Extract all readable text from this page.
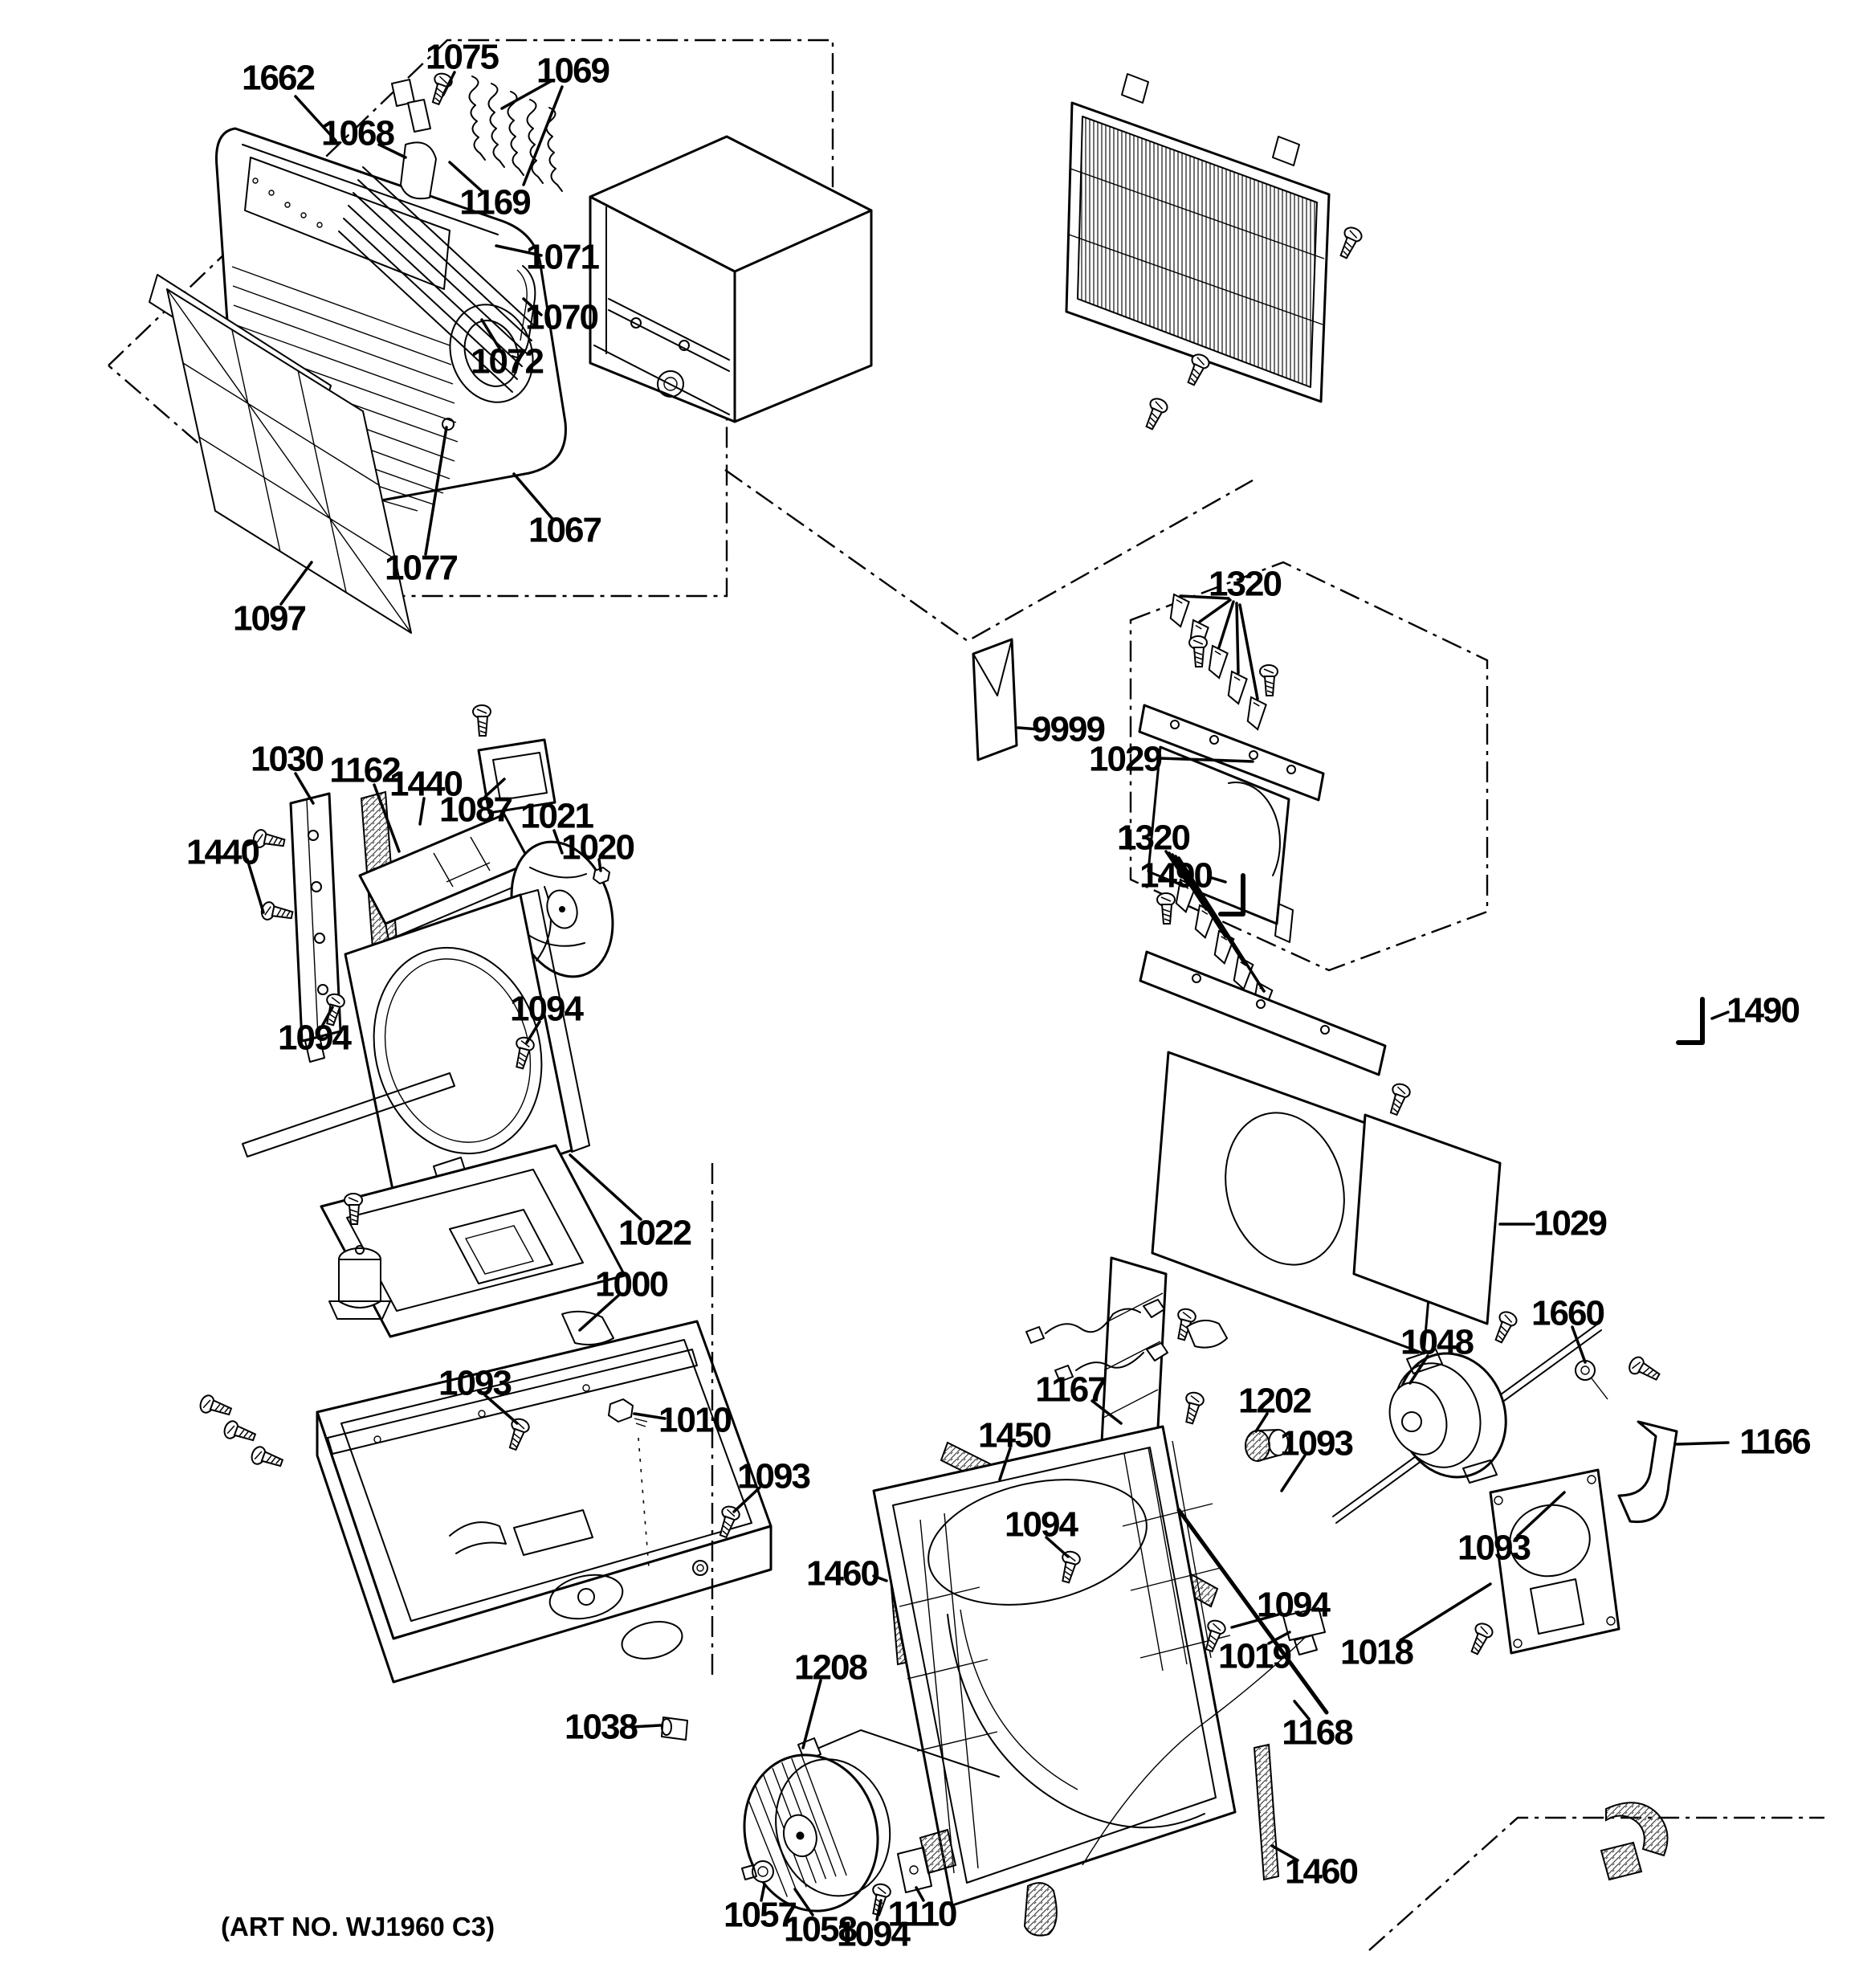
1662
1075 1069
1068
1169
1071
1070
1072
1067
1077
1097
9999
1320
1029
1320
1490
1490
1029
1030 1162
1440
1087 1021
1020
1440
1094
1094
1022
1000
1093
1010
1093
1038
1450
1094
1460
1208
1167	1202
1093
1048
1660
1166
1093
1094
1019 1018
1168
1460
1057
1058
1094
1110
(ART NO. WJ1960 C3)
